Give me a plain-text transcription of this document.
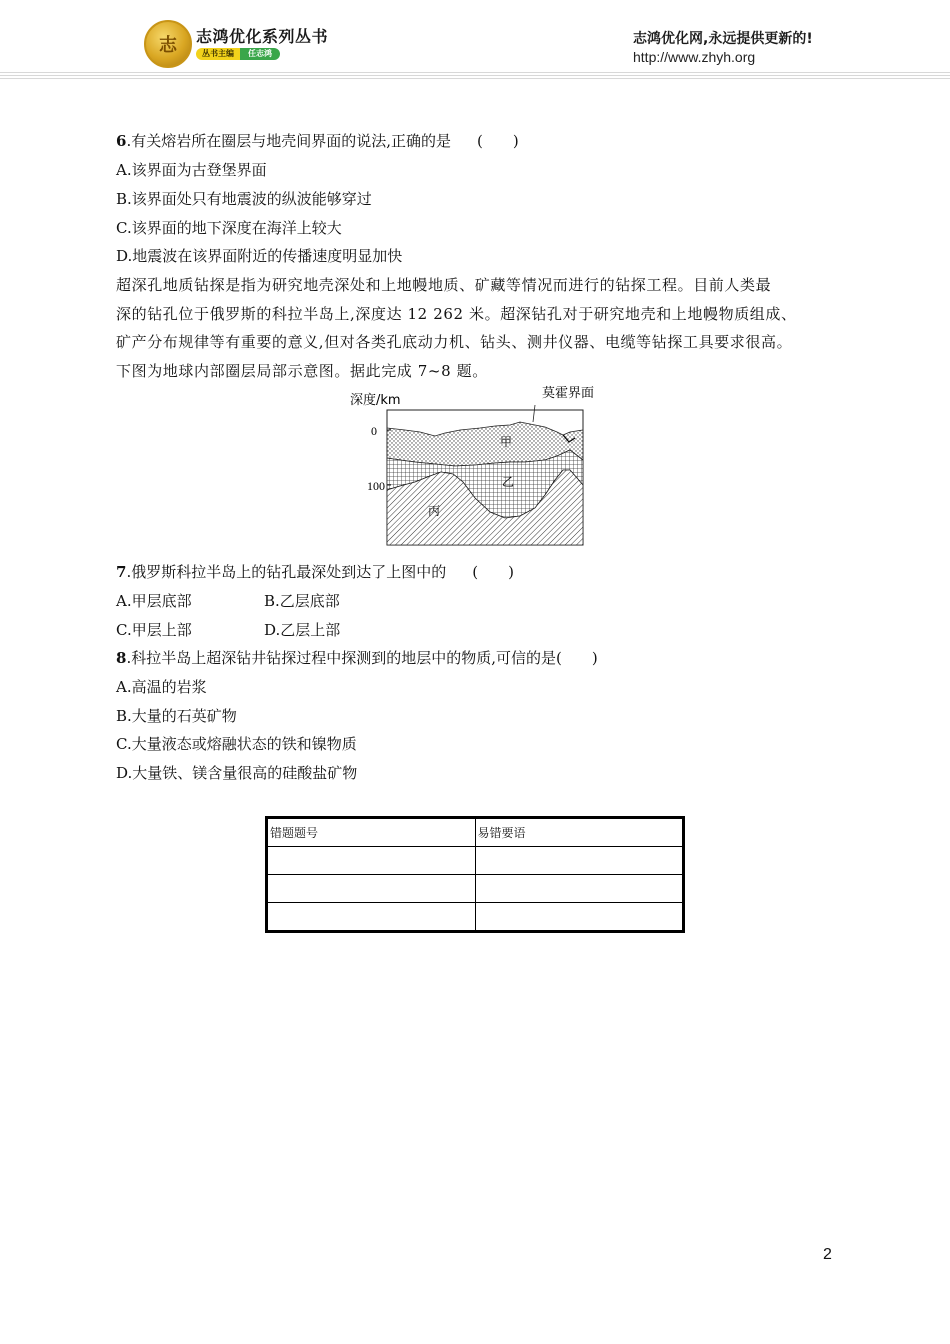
志 志鸿优化系列丛书
丛书主编	任志鸿
志鸿优化网,永远提供更新的!
http://www.zhyh.org
6.有关熔岩所在圈层与地壳间界面的说法,正确的是 (　　)
A.该界面为古登堡界面
B.该界面处只有地震波的纵波能够穿过
C.该界面的地下深度在海洋上较大
D.地震波在该界面附近的传播速度明显加快
超深孔地质钻探是指为研究地壳深处和上地幔地质、矿藏等情况而进行的钻探工程。目前人类最
深的钻孔位于俄罗斯的科拉半岛上,深度达 12 262 米。超深钻孔对于研究地壳和上地幔物质组成、
矿产分布规律等有重要的意义,但对各类孔底动力机、钻头、测井仪器、电缆等钻探工具要求很高。
下图为地球内部圈层局部示意图。据此完成 7~8 题。
深度/km
0
100
莫霍界面
甲
乙
丙
7.俄罗斯科拉半岛上的钻孔最深处到达了上图中的 (　　)
A.甲层底部	B.乙层底部
C.甲层上部	D.乙层上部
8.科拉半岛上超深钻井钻探过程中探测到的地层中的物质,可信的是(　　)
A.高温的岩浆
B.大量的石英矿物
C.大量液态或熔融状态的铁和镍物质
D.大量铁、镁含量很高的硅酸盐矿物
错题题号	易错要语

2
